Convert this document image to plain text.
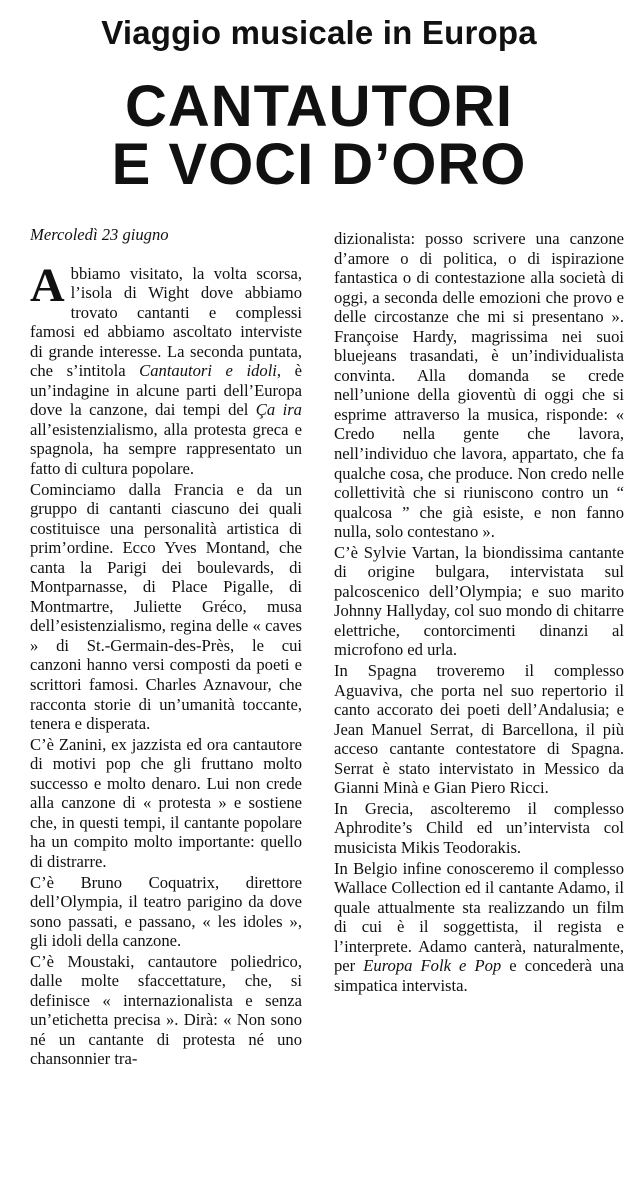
Viaggio musicale in Europa
CANTAUTORI
E VOCI D’ORO
Mercoledì 23 giugno

Abbiamo visitato, la volta scorsa, l’isola di Wight dove abbiamo trovato cantanti e complessi famosi ed abbiamo ascoltato interviste di grande interesse. La seconda puntata, che s’intitola Cantautori e idoli, è un’indagine in alcune parti dell’Europa dove la canzone, dai tempi del Ça ira all’esistenzialismo, alla protesta greca e spagnola, ha sempre rappresentato un fatto di cultura popolare.

Cominciamo dalla Francia e da un gruppo di cantanti ciascuno dei quali costituisce una personalità artistica di prim’ordine. Ecco Yves Montand, che canta la Parigi dei boulevards, di Montparnasse, di Place Pigalle, di Montmartre, Juliette Gréco, musa dell’esistenzialismo, regina delle « caves » di St.-Germain-des-Près, le cui canzoni hanno versi composti da poeti e scrittori famosi. Charles Aznavour, che racconta storie di un’umanità toccante, tenera e disperata.

C’è Zanini, ex jazzista ed ora cantautore di motivi pop che gli fruttano molto successo e molto denaro. Lui non crede alla canzone di « protesta » e sostiene che, in questi tempi, il cantante popolare ha un compito molto importante: quello di distrarre.

C’è Bruno Coquatrix, direttore dell’Olympia, il teatro parigino da dove sono passati, e passano, « les idoles », gli idoli della canzone.

C’è Moustaki, cantautore poliedrico, dalle molte sfaccettature, che, si definisce « internazionalista e senza un’etichetta precisa ». Dirà: « Non sono né un cantante di protesta né uno chansonnier tra-

dizionalista: posso scrivere una canzone d’amore o di politica, o di ispirazione fantastica o di contestazione alla società di oggi, a seconda delle emozioni che provo e delle circostanze che mi si presentano ». Françoise Hardy, magrissima nei suoi bluejeans trasandati, è un’individualista convinta. Alla domanda se crede nell’unione della gioventù di oggi che si esprime attraverso la musica, risponde: « Credo nella gente che lavora, nell’individuo che lavora, appartato, che fa qualche cosa, che produce. Non credo nelle collettività che si riuniscono contro un “ qualcosa ” che già esiste, e non fanno nulla, solo contestano ».

C’è Sylvie Vartan, la biondissima cantante di origine bulgara, intervistata sul palcoscenico dell’Olympia; e suo marito Johnny Hallyday, col suo mondo di chitarre elettriche, contorcimenti dinanzi al microfono ed urla.

In Spagna troveremo il complesso Aguaviva, che porta nel suo repertorio il canto accorato dei poeti dell’Andalusia; e Jean Manuel Serrat, di Barcellona, il più acceso cantante contestatore di Spagna. Serrat è stato intervistato in Messico da Gianni Minà e Gian Piero Ricci.

In Grecia, ascolteremo il complesso Aphrodite’s Child ed un’intervista col musicista Mikis Teodorakis.

In Belgio infine conosceremo il complesso Wallace Collection ed il cantante Adamo, il quale attualmente sta realizzando un film di cui è il soggettista, il regista e l’interprete. Adamo canterà, naturalmente, per Europa Folk e Pop e concederà una simpatica intervista.
